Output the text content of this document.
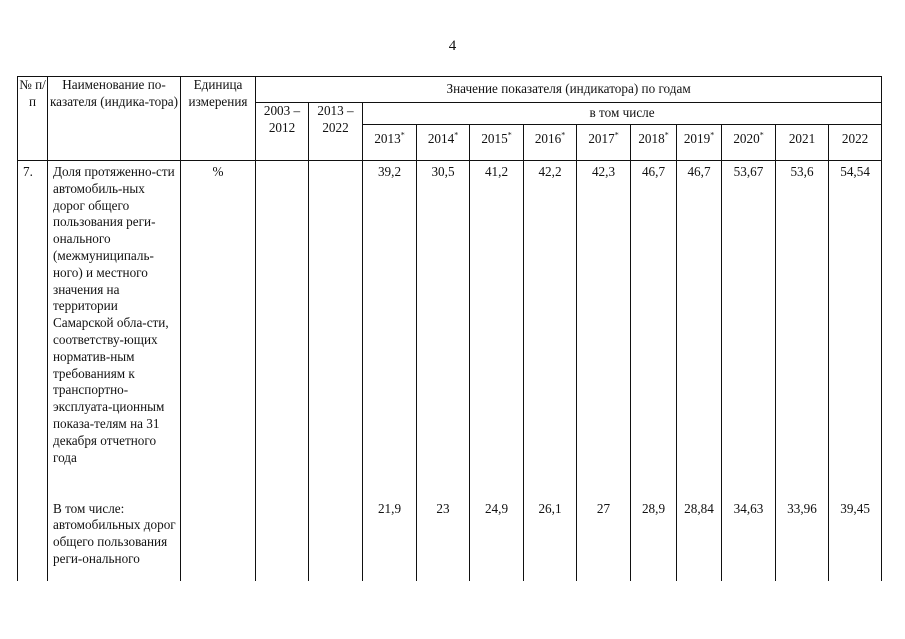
4
№ п/п	Наименование по-казателя (индика-тора)	Единица измерения	Значение показателя (индикатора) по годам											
			2003 – 2012	2013 – 2022	в том числе									
					2013*	2014*	2015*	2016*	2017*	2018*	2019*	2020*	2021	2022
7.	Доля протяженно-сти автомобиль-ных дорог общего пользования реги-онального (межмуниципаль-ного) и местного значения на территории Самарской обла-сти, соответству-ющих норматив-ным требованиям к транспортно-эксплуата-ционным показа-телям на 31 декабря отчетного года	%			39,2	30,5	41,2	42,2	42,3	46,7	46,7	53,67	53,6	54,54
	В том числе: автомобильных дорог общего пользования реги-онального				21,9	23	24,9	26,1	27	28,9	28,84	34,63	33,96	39,45
